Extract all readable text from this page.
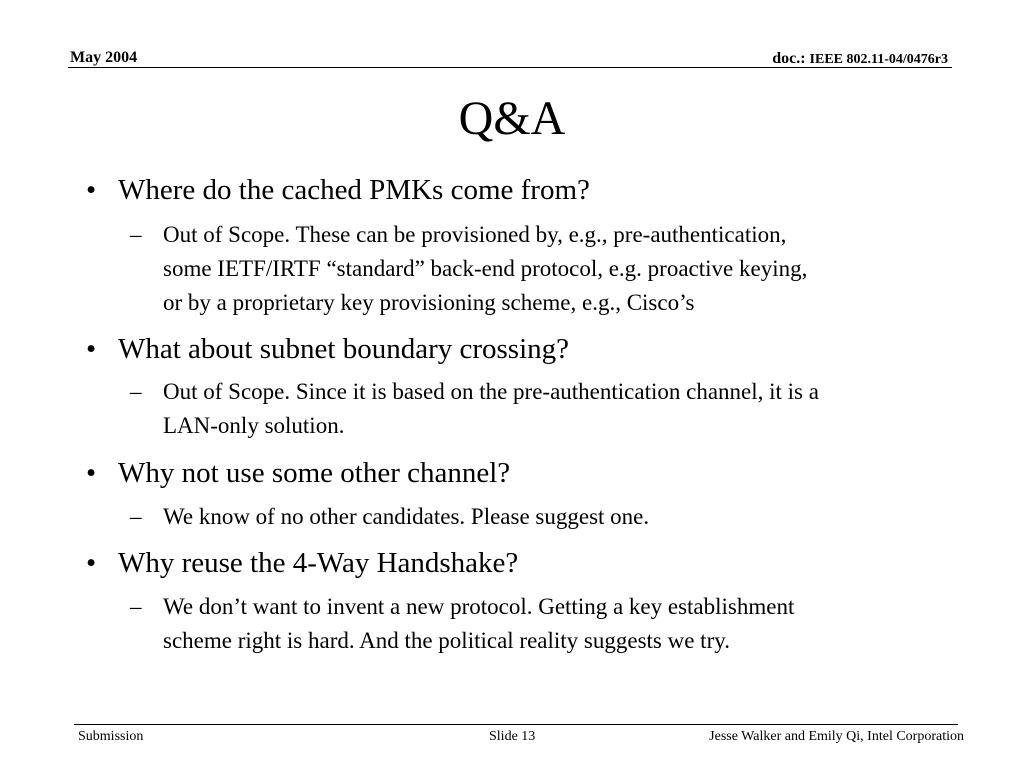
May 2004	doc.: IEEE 802.11-04/0476r3
Q&A
• Where do the cached PMKs come from?
– Out of Scope. These can be provisioned by, e.g., pre-authentication,
some IETF/IRTF “standard” back-end protocol, e.g. proactive keying,
or by a proprietary key provisioning scheme, e.g., Cisco’s
• What about subnet boundary crossing?
– Out of Scope. Since it is based on the pre-authentication channel, it is a
LAN-only solution.
• Why not use some other channel?
– We know of no other candidates. Please suggest one.
• Why reuse the 4-Way Handshake?
– We don’t want to invent a new protocol. Getting a key establishment
scheme right is hard. And the political reality suggests we try.
Submission	Slide 13	Jesse Walker and Emily Qi, Intel Corporation
